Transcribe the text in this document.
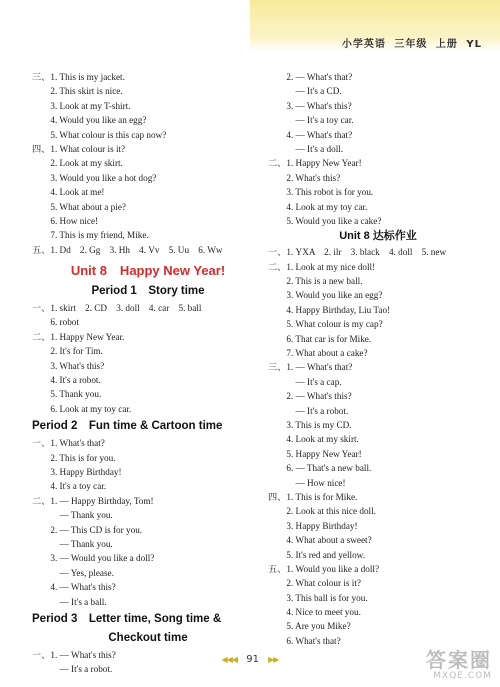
小学英语 三年级 上册 YL
三、1. This is my jacket.
　　2. This skirt is nice.
　　3. Look at my T-shirt.
　　4. Would you like an egg?
　　5. What colour is this cap now?
四、1. What colour is it?
　　2. Look at my skirt.
　　3. Would you like a hot dog?
　　4. Look at me!
　　5. What about a pie?
　　6. How nice!
　　7. This is my friend, Mike.
五、1. Dd　2. Gg　3. Hh　4. Vv　5. Uu　6. Ww
Unit 8　Happy New Year!
Period 1　Story time
一、1. skirt　2. CD　3. doll　4. car　5. ball
　　6. robot
二、1. Happy New Year.
　　2. It's for Tim.
　　3. What's this?
　　4. It's a robot.
　　5. Thank you.
　　6. Look at my toy car.
Period 2　Fun time & Cartoon time
一、1. What's that?
　　2. This is for you.
　　3. Happy Birthday!
　　4. It's a toy car.
二、1. — Happy Birthday, Tom!
　　　— Thank you.
　　2. — This CD is for you.
　　　— Thank you.
　　3. — Would you like a doll?
　　　— Yes, please.
　　4. — What's this?
　　　— It's a ball.
Period 3　Letter time, Song time &
Checkout time
一、1. — What's this?
　　　— It's a robot.
　　2. — What's that?
　　　— It's a CD.
　　3. — What's this?
　　　— It's a toy car.
　　4. — What's that?
　　　— It's a doll.
二、1. Happy New Year!
　　2. What's this?
　　3. This robot is for you.
　　4. Look at my toy car.
　　5. Would you like a cake?
Unit 8 达标作业
一、1. YXA　2. ilr　3. black　4. doll　5. new
二、1. Look at my nice doll!
　　2. This is a new ball.
　　3. Would you like an egg?
　　4. Happy Birthday, Liu Tao!
　　5. What colour is my cap?
　　6. That car is for Mike.
　　7. What about a cake?
三、1. — What's that?
　　　— It's a cap.
　　2. — What's this?
　　　— It's a robot.
　　3. This is my CD.
　　4. Look at my skirt.
　　5. Happy New Year!
　　6. — That's a new ball.
　　　— How nice!
四、1. This is for Mike.
　　2. Look at this nice doll.
　　3. Happy Birthday!
　　4. What about a sweet?
　　5. It's red and yellow.
五、1. Would you like a doll?
　　2. What colour is it?
　　3. This ball is for you.
　　4. Nice to meet you.
　　5. Are you Mike?
　　6. What's that?
◀◀◀ 91 ▶▶	答案圈
MXQE.COM
